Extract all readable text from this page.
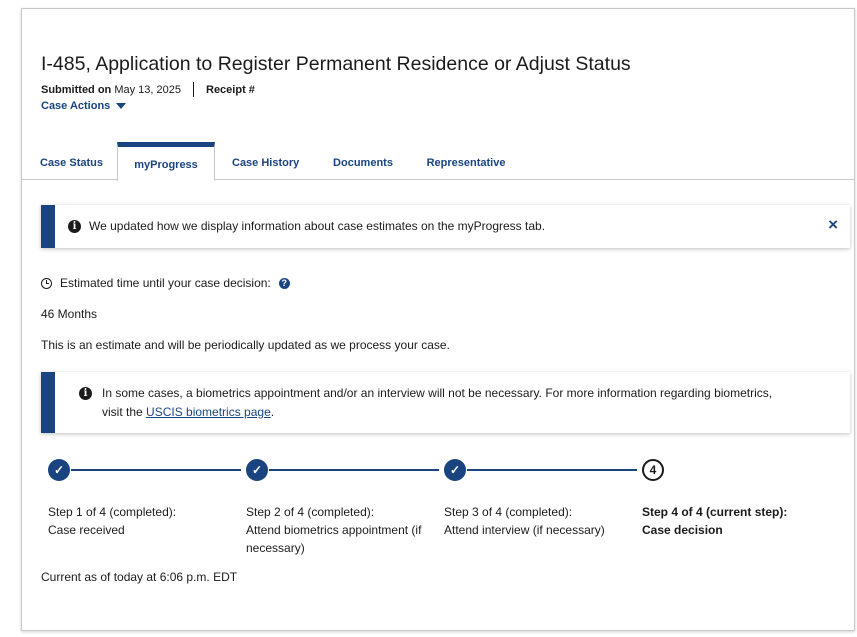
I-485, Application to Register Permanent Residence or Adjust Status
Submitted on
May 13, 2025 Receipt #
Case Actions
Case Status	myProgress	Case History	Documents	Representative
i	We updated how we display information about case estimates on the myProgress tab.	×
Estimated time until your case decision:	?
46 Months
This is an estimate and will be periodically updated as we process your case.
i	In some cases, a biometrics appointment and/or an interview will not be necessary. For more information regarding biometrics,
visit the USCIS biometrics page.
✓	✓	✓	4
Step 1 of 4 (completed):
Case received
Step 2 of 4 (completed):
Attend biometrics appointment (if necessary)
Step 3 of 4 (completed):
Attend interview (if necessary)
Step 4 of 4 (current step):
Case decision
Current as of today at 6:06 p.m. EDT
